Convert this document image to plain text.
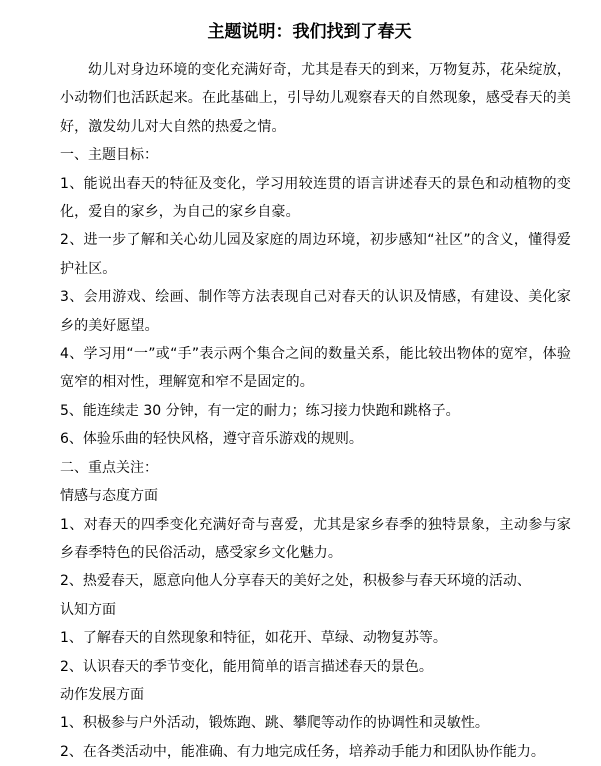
主题说明：我们找到了春天

幼儿对身边环境的变化充满好奇，尤其是春天的到来，万物复苏，花朵绽放，小动物们也活跃起来。在此基础上，引导幼儿观察春天的自然现象，感受春天的美好，激发幼儿对大自然的热爱之情。

一、主题目标：

1、能说出春天的特征及变化，学习用较连贯的语言讲述春天的景色和动植物的变化，爱自的家乡，为自己的家乡自豪。

2、进一步了解和关心幼儿园及家庭的周边环境，初步感知“社区”的含义，懂得爱护社区。

3、会用游戏、绘画、制作等方法表现自己对春天的认识及情感，有建设、美化家乡的美好愿望。

4、学习用“一”或“手”表示两个集合之间的数量关系，能比较出物体的宽窄，体验宽窄的相对性，理解宽和窄不是固定的。

5、能连续走 30 分钟，有一定的耐力；练习接力快跑和跳格子。

6、体验乐曲的轻快风格，遵守音乐游戏的规则。

二、重点关注：

情感与态度方面

1、对春天的四季变化充满好奇与喜爱，尤其是家乡春季的独特景象，主动参与家乡春季特色的民俗活动，感受家乡文化魅力。

2、热爱春天，愿意向他人分享春天的美好之处，积极参与春天环境的活动、

认知方面

1、了解春天的自然现象和特征，如花开、草绿、动物复苏等。

2、认识春天的季节变化，能用简单的语言描述春天的景色。

动作发展方面

1、积极参与户外活动，锻炼跑、跳、攀爬等动作的协调性和灵敏性。

2、在各类活动中，能准确、有力地完成任务，培养动手能力和团队协作能力。
